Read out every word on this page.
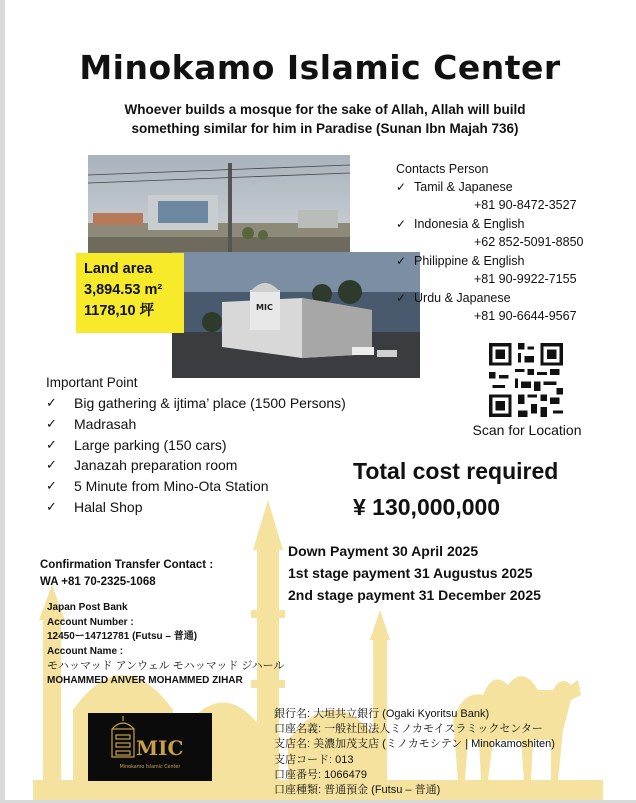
Minokamo Islamic Center
Whoever builds a mosque for the sake of Allah, Allah will build something similar for him in Paradise (Sunan Ibn Majah 736)
MIC
Land area
3,894.53 m²
1178,10 坪
Contacts Person
✓ Tamil & Japanese
+81 90-8472-3527
✓ Indonesia & English
+62 852-5091-8850
✓ Philippine & English
+81 90-9922-7155
✓ Urdu & Japanese
+81 90-6644-9567
Scan for Location
Important Point
✓	Big gathering & ijtima’ place (1500 Persons)
✓	Madrasah
✓	Large parking (150 cars)
✓	Janazah preparation room
✓	5 Minute from Mino-Ota Station
✓	Halal Shop
Total cost required
¥ 130,000,000
Confirmation Transfer Contact :
WA +81 70-2325-1068
Down Payment 30 April 2025
1st stage payment 31 Augustus 2025
2nd stage payment 31 December 2025
Japan Post Bank
Account Number :
12450ー14712781 (Futsu – 普通)
Account Name :
モハッマッド アンウェル モハッマッド ジハール
MOHAMMED ANVER MOHAMMED ZIHAR
MIC
Minokamo Islamic Center
銀行名: 大垣共立銀行 (Ogaki Kyoritsu Bank)
口座名義: 一般社団法人ミノカモイスラミックセンター
支店名: 美濃加茂支店 (ミノカモシテン | Minokamoshiten)
支店コード: 013
口座番号: 1066479
口座種類: 普通預金 (Futsu – 普通)
